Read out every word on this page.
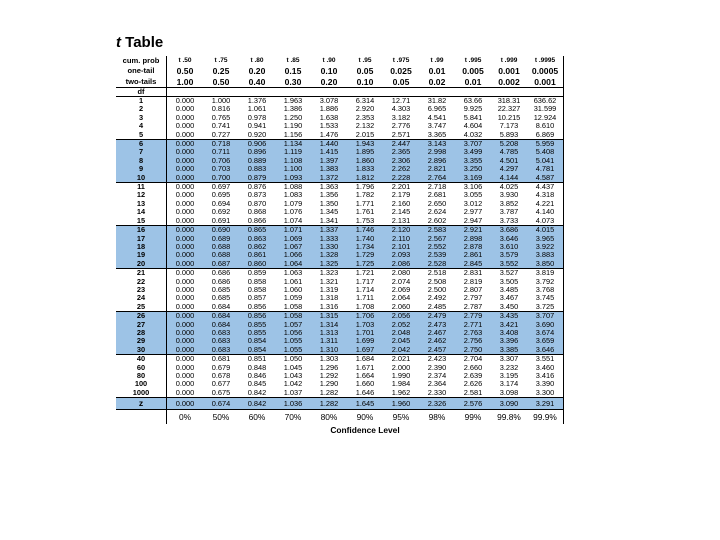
t Table
cum. prob	t .50	t .75	t .80	t .85	t .90	t .95	t .975	t .99	t .995	t .999	t .9995
one-tail	0.50	0.25	0.20	0.15	0.10	0.05	0.025	0.01	0.005	0.001	0.0005
two-tails	1.00	0.50	0.40	0.30	0.20	0.10	0.05	0.02	0.01	0.002	0.001
df											
1	0.000	1.000	1.376	1.963	3.078	6.314	12.71	31.82	63.66	318.31	636.62
2	0.000	0.816	1.061	1.386	1.886	2.920	4.303	6.965	9.925	22.327	31.599
3	0.000	0.765	0.978	1.250	1.638	2.353	3.182	4.541	5.841	10.215	12.924
4	0.000	0.741	0.941	1.190	1.533	2.132	2.776	3.747	4.604	7.173	8.610
5	0.000	0.727	0.920	1.156	1.476	2.015	2.571	3.365	4.032	5.893	6.869
6	0.000	0.718	0.906	1.134	1.440	1.943	2.447	3.143	3.707	5.208	5.959
7	0.000	0.711	0.896	1.119	1.415	1.895	2.365	2.998	3.499	4.785	5.408
8	0.000	0.706	0.889	1.108	1.397	1.860	2.306	2.896	3.355	4.501	5.041
9	0.000	0.703	0.883	1.100	1.383	1.833	2.262	2.821	3.250	4.297	4.781
10	0.000	0.700	0.879	1.093	1.372	1.812	2.228	2.764	3.169	4.144	4.587
11	0.000	0.697	0.876	1.088	1.363	1.796	2.201	2.718	3.106	4.025	4.437
12	0.000	0.695	0.873	1.083	1.356	1.782	2.179	2.681	3.055	3.930	4.318
13	0.000	0.694	0.870	1.079	1.350	1.771	2.160	2.650	3.012	3.852	4.221
14	0.000	0.692	0.868	1.076	1.345	1.761	2.145	2.624	2.977	3.787	4.140
15	0.000	0.691	0.866	1.074	1.341	1.753	2.131	2.602	2.947	3.733	4.073
16	0.000	0.690	0.865	1.071	1.337	1.746	2.120	2.583	2.921	3.686	4.015
17	0.000	0.689	0.863	1.069	1.333	1.740	2.110	2.567	2.898	3.646	3.965
18	0.000	0.688	0.862	1.067	1.330	1.734	2.101	2.552	2.878	3.610	3.922
19	0.000	0.688	0.861	1.066	1.328	1.729	2.093	2.539	2.861	3.579	3.883
20	0.000	0.687	0.860	1.064	1.325	1.725	2.086	2.528	2.845	3.552	3.850
21	0.000	0.686	0.859	1.063	1.323	1.721	2.080	2.518	2.831	3.527	3.819
22	0.000	0.686	0.858	1.061	1.321	1.717	2.074	2.508	2.819	3.505	3.792
23	0.000	0.685	0.858	1.060	1.319	1.714	2.069	2.500	2.807	3.485	3.768
24	0.000	0.685	0.857	1.059	1.318	1.711	2.064	2.492	2.797	3.467	3.745
25	0.000	0.684	0.856	1.058	1.316	1.708	2.060	2.485	2.787	3.450	3.725
26	0.000	0.684	0.856	1.058	1.315	1.706	2.056	2.479	2.779	3.435	3.707
27	0.000	0.684	0.855	1.057	1.314	1.703	2.052	2.473	2.771	3.421	3.690
28	0.000	0.683	0.855	1.056	1.313	1.701	2.048	2.467	2.763	3.408	3.674
29	0.000	0.683	0.854	1.055	1.311	1.699	2.045	2.462	2.756	3.396	3.659
30	0.000	0.683	0.854	1.055	1.310	1.697	2.042	2.457	2.750	3.385	3.646
40	0.000	0.681	0.851	1.050	1.303	1.684	2.021	2.423	2.704	3.307	3.551
60	0.000	0.679	0.848	1.045	1.296	1.671	2.000	2.390	2.660	3.232	3.460
80	0.000	0.678	0.846	1.043	1.292	1.664	1.990	2.374	2.639	3.195	3.416
100	0.000	0.677	0.845	1.042	1.290	1.660	1.984	2.364	2.626	3.174	3.390
1000	0.000	0.675	0.842	1.037	1.282	1.646	1.962	2.330	2.581	3.098	3.300
z	0.000	0.674	0.842	1.036	1.282	1.645	1.960	2.326	2.576	3.090	3.291
	0%	50%	60%	70%	80%	90%	95%	98%	99%	99.8%	99.9%
	Confidence Level										
